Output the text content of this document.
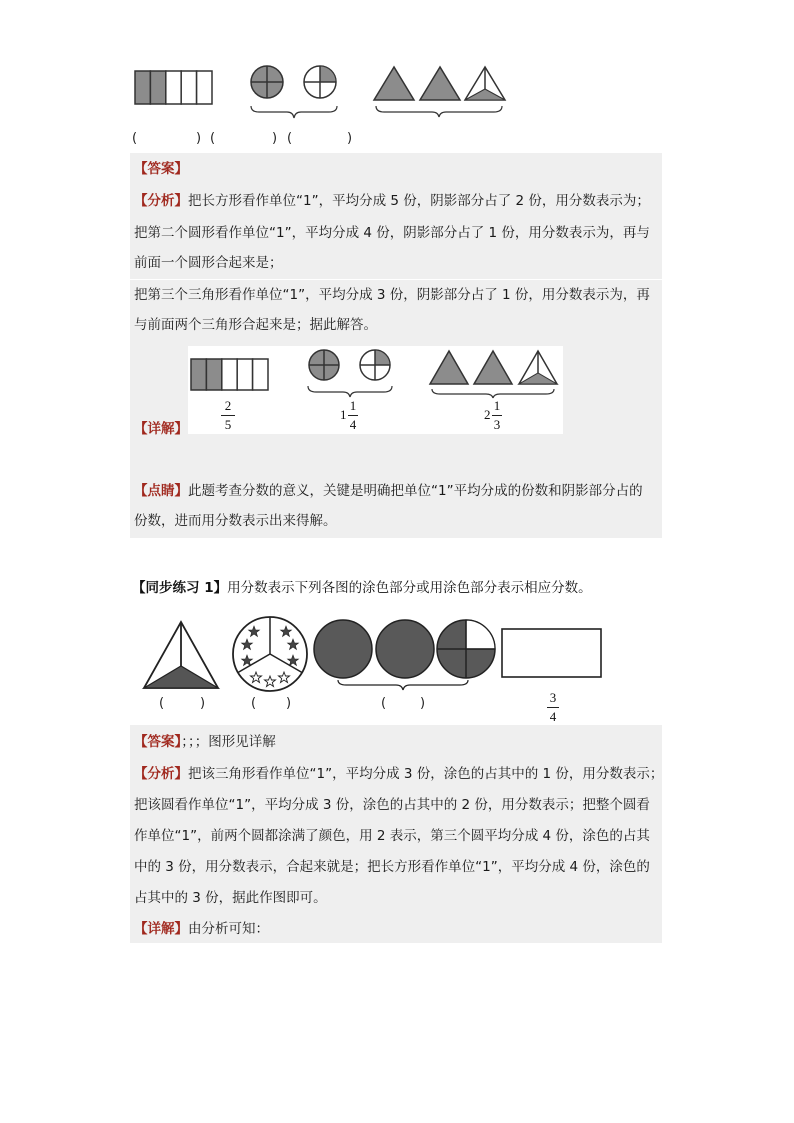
(	) (	) (	)
【答案】
【分析】把长方形看作单位“1”，平均分成 5 份，阴影部分占了 2 份，用分数表示为；
把第二个圆形看作单位“1”，平均分成 4 份，阴影部分占了 1 份，用分数表示为，再与
前面一个圆形合起来是；
把第三个三角形看作单位“1”，平均分成 3 份，阴影部分占了 1 份，用分数表示为，再
与前面两个三角形合起来是；据此解答。
2
5
1
1
4
2
1
3
【详解】
【点睛】此题考查分数的意义，关键是明确把单位“1”平均分成的份数和阴影部分占的
份数，进而用分数表示出来得解。
【同步练习 1】用分数表示下列各图的涂色部分或用涂色部分表示相应分数。
(	)	( )	(	)	3
4
【答案】；；；图形见详解
【分析】把该三角形看作单位“1”，平均分成 3 份，涂色的占其中的 1 份，用分数表示；
把该圆看作单位“1”，平均分成 3 份，涂色的占其中的 2 份，用分数表示；把整个圆看
作单位“1”，前两个圆都涂满了颜色，用 2 表示，第三个圆平均分成 4 份，涂色的占其
中的 3 份，用分数表示，合起来就是；把长方形看作单位“1”，平均分成 4 份，涂色的
占其中的 3 份，据此作图即可。
【详解】由分析可知：
